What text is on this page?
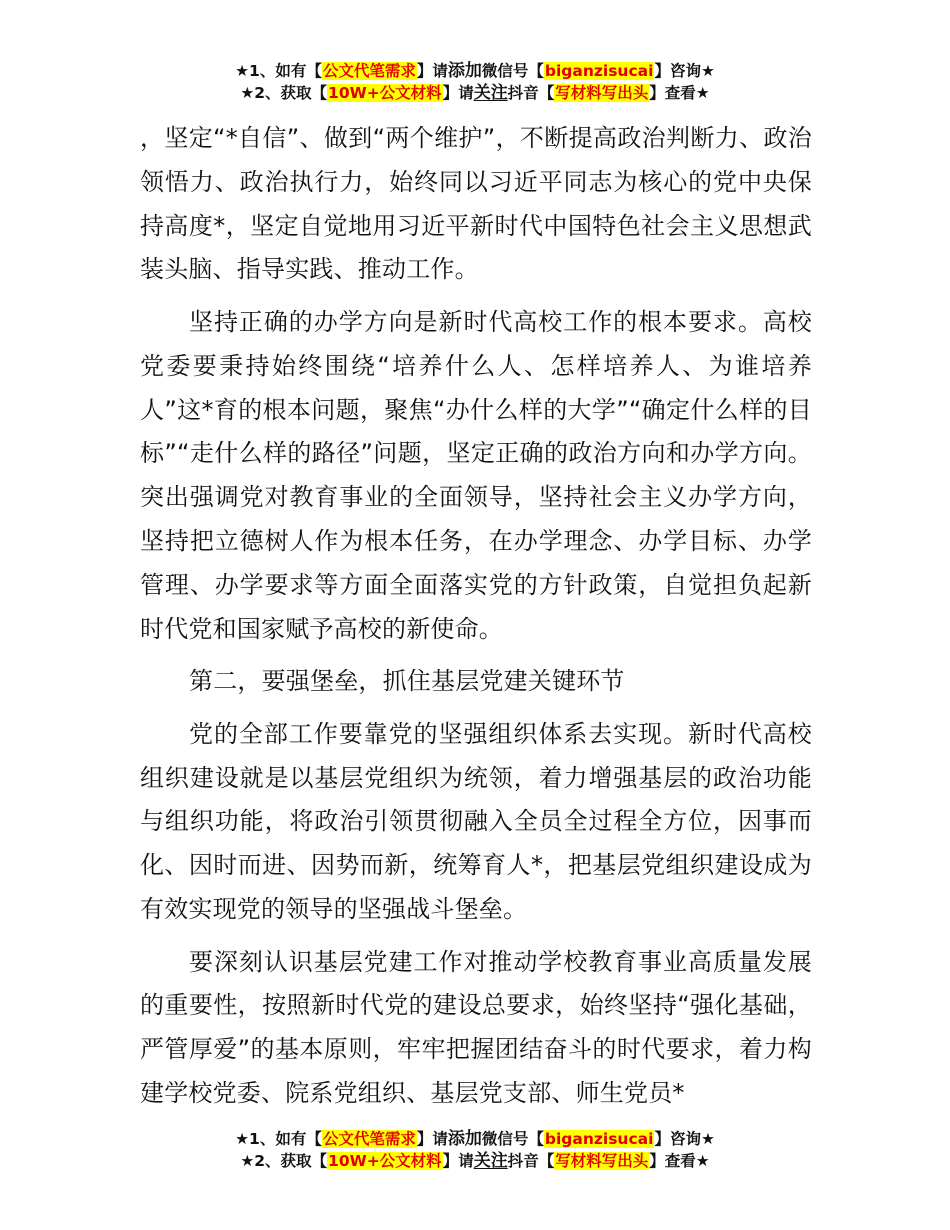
★1、如有【公文代笔需求】请添加微信号【biganzisucai】咨询★
★2、获取【10W+公文材料】请关注抖音【写材料写出头】查看★

，坚定“*自信”、做到“两个维护”，不断提高政治判断力、政治领悟力、政治执行力，始终同以习近平同志为核心的党中央保持高度*，坚定自觉地用习近平新时代中国特色社会主义思想武装头脑、指导实践、推动工作。

坚持正确的办学方向是新时代高校工作的根本要求。高校党委要秉持始终围绕“培养什么人、怎样培养人、为谁培养人”这*育的根本问题，聚焦“办什么样的大学”“确定什么样的目标”“走什么样的路径”问题，坚定正确的政治方向和办学方向。突出强调党对教育事业的全面领导，坚持社会主义办学方向，坚持把立德树人作为根本任务，在办学理念、办学目标、办学管理、办学要求等方面全面落实党的方针政策，自觉担负起新时代党和国家赋予高校的新使命。

第二，要强堡垒，抓住基层党建关键环节

党的全部工作要靠党的坚强组织体系去实现。新时代高校组织建设就是以基层党组织为统领，着力增强基层的政治功能与组织功能，将政治引领贯彻融入全员全过程全方位，因事而化、因时而进、因势而新，统筹育人*，把基层党组织建设成为有效实现党的领导的坚强战斗堡垒。

要深刻认识基层党建工作对推动学校教育事业高质量发展的重要性，按照新时代党的建设总要求，始终坚持“强化基础，严管厚爱”的基本原则，牢牢把握团结奋斗的时代要求，着力构建学校党委、院系党组织、基层党支部、师生党员*

★1、如有【公文代笔需求】请添加微信号【biganzisucai】咨询★
★2、获取【10W+公文材料】请关注抖音【写材料写出头】查看★
